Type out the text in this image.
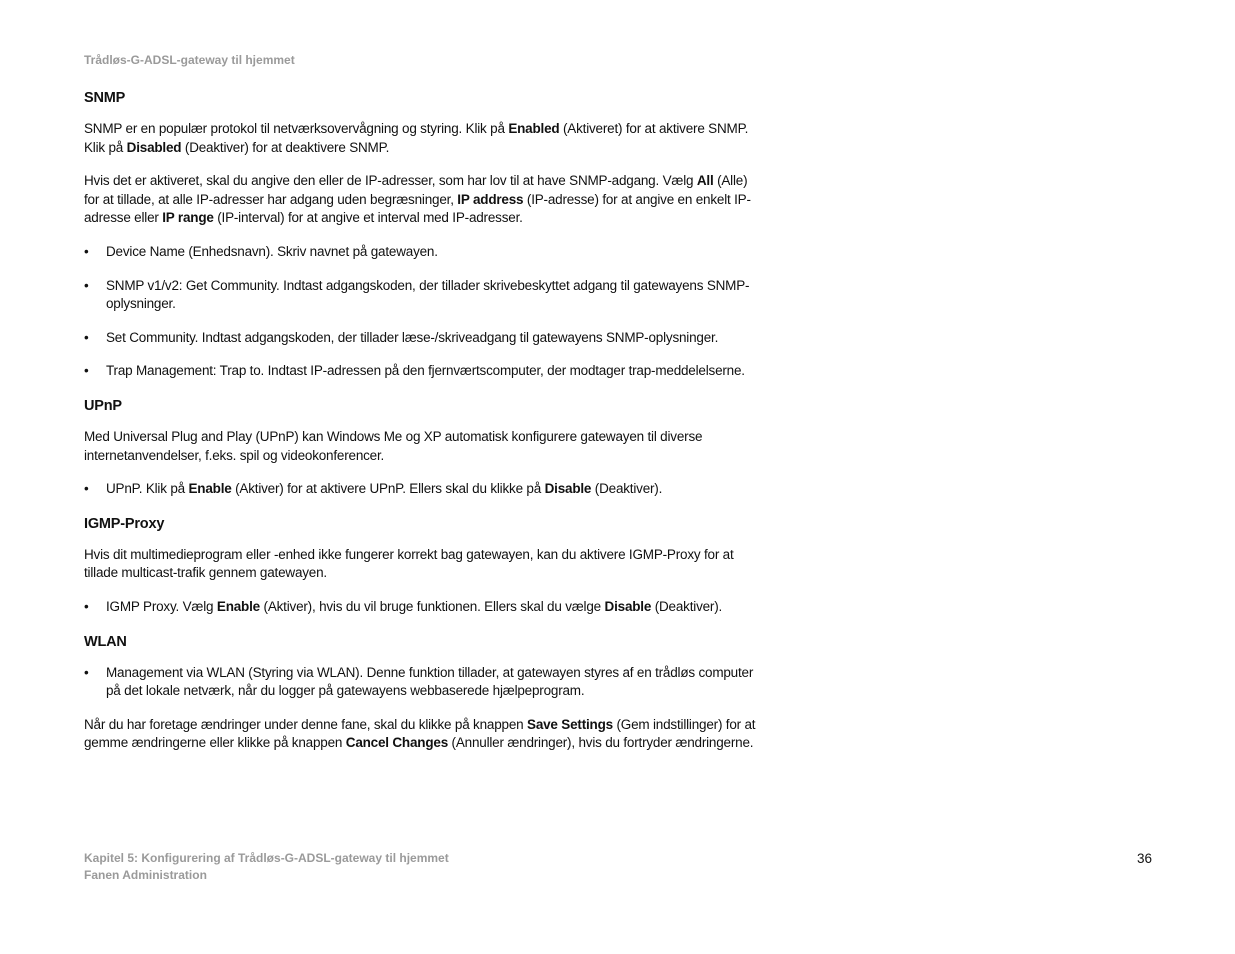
Trådløs-G-ADSL-gateway til hjemmet
SNMP

SNMP er en populær protokol til netværksovervågning og styring. Klik på Enabled (Aktiveret) for at aktivere SNMP. Klik på Disabled (Deaktiver) for at deaktivere SNMP.

Hvis det er aktiveret, skal du angive den eller de IP-adresser, som har lov til at have SNMP-adgang. Vælg All (Alle) for at tillade, at alle IP-adresser har adgang uden begræsninger, IP address (IP-adresse) for at angive en enkelt IP-adresse eller IP range (IP-interval) for at angive et interval med IP-adresser.

• Device Name (Enhedsnavn). Skriv navnet på gatewayen.
• SNMP v1/v2: Get Community. Indtast adgangskoden, der tillader skrivebeskyttet adgang til gatewayens SNMP-oplysninger.
• Set Community. Indtast adgangskoden, der tillader læse-/skriveadgang til gatewayens SNMP-oplysninger.
• Trap Management: Trap to. Indtast IP-adressen på den fjernværtscomputer, der modtager trap-meddelelserne.
UPnP

Med Universal Plug and Play (UPnP) kan Windows Me og XP automatisk konfigurere gatewayen til diverse internetanvendelser, f.eks. spil og videokonferencer.

• UPnP. Klik på Enable (Aktiver) for at aktivere UPnP. Ellers skal du klikke på Disable (Deaktiver).
IGMP-Proxy

Hvis dit multimedieprogram eller -enhed ikke fungerer korrekt bag gatewayen, kan du aktivere IGMP-Proxy for at tillade multicast-trafik gennem gatewayen.

• IGMP Proxy. Vælg Enable (Aktiver), hvis du vil bruge funktionen. Ellers skal du vælge Disable (Deaktiver).
WLAN
• Management via WLAN (Styring via WLAN). Denne funktion tillader, at gatewayen styres af en trådløs computer på det lokale netværk, når du logger på gatewayens webbaserede hjælpeprogram.

Når du har foretage ændringer under denne fane, skal du klikke på knappen Save Settings (Gem indstillinger) for at gemme ændringerne eller klikke på knappen Cancel Changes (Annuller ændringer), hvis du fortryder ændringerne.

Kapitel 5: Konfigurering af Trådløs-G-ADSL-gateway til hjemmet
Fanen Administration
36
